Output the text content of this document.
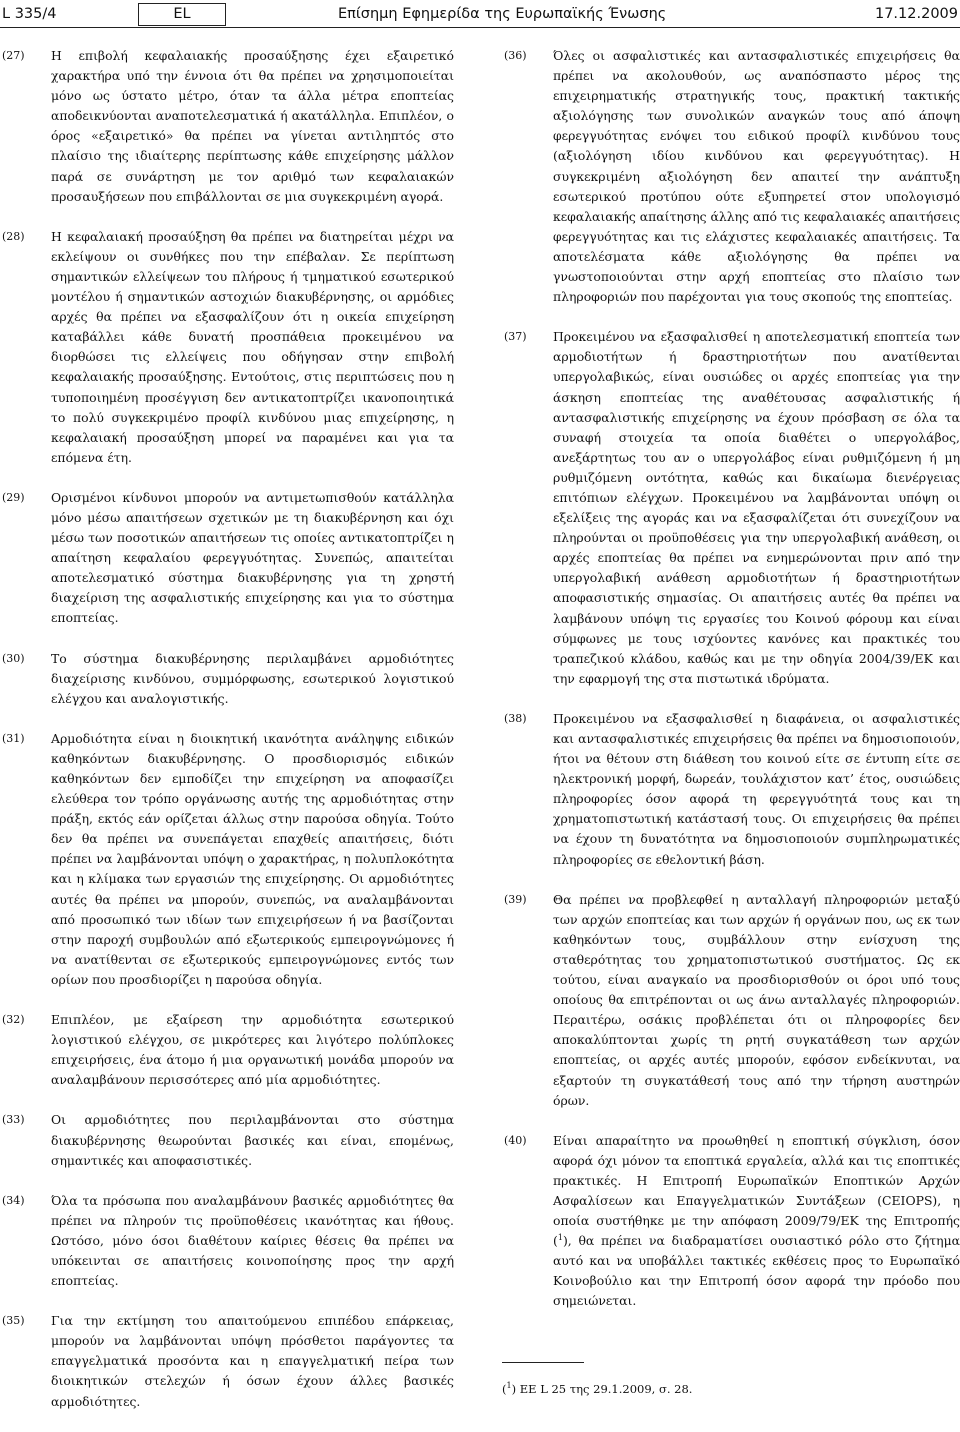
L 335/4	EL	Επίσημη Εφημερίδα της Ευρωπαϊκής Ένωσης	17.12.2009
(27) Η επιβολή κεφαλαιακής προσαύξησης έχει εξαιρετικό χαρακτήρα υπό την έννοια ότι θα πρέπει να χρησιμοποιείται μόνο ως ύστατο μέτρο, όταν τα άλλα μέτρα εποπτείας αποδεικνύονται αναποτελεσματικά ή ακατάλληλα. Επιπλέον, ο όρος «εξαιρετικό» θα πρέπει να γίνεται αντιληπτός στο πλαίσιο της ιδιαίτερης περίπτωσης κάθε επιχείρησης μάλλον παρά σε συνάρτηση με τον αριθμό των κεφαλαιακών προσαυξήσεων που επιβάλλονται σε μια συγκεκριμένη αγορά.
(28) Η κεφαλαιακή προσαύξηση θα πρέπει να διατηρείται μέχρι να εκλείψουν οι συνθήκες που την επέβαλαν. Σε περίπτωση σημαντικών ελλείψεων του πλήρους ή τμηματικού εσωτερικού μοντέλου ή σημαντικών αστοχιών διακυβέρνησης, οι αρμόδιες αρχές θα πρέπει να εξασφαλίζουν ότι η οικεία επιχείρηση καταβάλλει κάθε δυνατή προσπάθεια προκειμένου να διορθώσει τις ελλείψεις που οδήγησαν στην επιβολή κεφαλαιακής προσαύξησης. Εντούτοις, στις περιπτώσεις που η τυποποιημένη προσέγγιση δεν αντικατοπτρίζει ικανοποιητικά το πολύ συγκεκριμένο προφίλ κινδύνου μιας επιχείρησης, η κεφαλαιακή προσαύξηση μπορεί να παραμένει και για τα επόμενα έτη.
(29) Ορισμένοι κίνδυνοι μπορούν να αντιμετωπισθούν κατάλληλα μόνο μέσω απαιτήσεων σχετικών με τη διακυβέρνηση και όχι μέσω των ποσοτικών απαιτήσεων τις οποίες αντικατοπτρίζει η απαίτηση κεφαλαίου φερεγγυότητας. Συνεπώς, απαιτείται αποτελεσματικό σύστημα διακυβέρνησης για τη χρηστή διαχείριση της ασφαλιστικής επιχείρησης και για το σύστημα εποπτείας.
(30) Το σύστημα διακυβέρνησης περιλαμβάνει αρμοδιότητες διαχείρισης κινδύνου, συμμόρφωσης, εσωτερικού λογιστικού ελέγχου και αναλογιστικής.
(31) Αρμοδιότητα είναι η διοικητική ικανότητα ανάληψης ειδικών καθηκόντων διακυβέρνησης. Ο προσδιορισμός ειδικών καθηκόντων δεν εμποδίζει την επιχείρηση να αποφασίζει ελεύθερα τον τρόπο οργάνωσης αυτής της αρμοδιότητας στην πράξη, εκτός εάν ορίζεται άλλως στην παρούσα οδηγία. Τούτο δεν θα πρέπει να συνεπάγεται επαχθείς απαιτήσεις, διότι πρέπει να λαμβάνονται υπόψη ο χαρακτήρας, η πολυπλοκότητα και η κλίμακα των εργασιών της επιχείρησης. Οι αρμοδιότητες αυτές θα πρέπει να μπορούν, συνεπώς, να αναλαμβάνονται από προσωπικό των ιδίων των επιχειρήσεων ή να βασίζονται στην παροχή συμβουλών από εξωτερικούς εμπειρογνώμονες ή να ανατίθενται σε εξωτερικούς εμπειρογνώμονες εντός των ορίων που προσδιορίζει η παρούσα οδηγία.
(32) Επιπλέον, με εξαίρεση την αρμοδιότητα εσωτερικού λογιστικού ελέγχου, σε μικρότερες και λιγότερο πολύπλοκες επιχειρήσεις, ένα άτομο ή μια οργανωτική μονάδα μπορούν να αναλαμβάνουν περισσότερες από μία αρμοδιότητες.
(33) Οι αρμοδιότητες που περιλαμβάνονται στο σύστημα διακυβέρνησης θεωρούνται βασικές και είναι, επομένως, σημαντικές και αποφασιστικές.
(34) Όλα τα πρόσωπα που αναλαμβάνουν βασικές αρμοδιότητες θα πρέπει να πληρούν τις προϋποθέσεις ικανότητας και ήθους. Ωστόσο, μόνο όσοι διαθέτουν καίριες θέσεις θα πρέπει να υπόκεινται σε απαιτήσεις κοινοποίησης προς την αρχή εποπτείας.
(35) Για την εκτίμηση του απαιτούμενου επιπέδου επάρκειας, μπορούν να λαμβάνονται υπόψη πρόσθετοι παράγοντες τα επαγγελματικά προσόντα και η επαγγελματική πείρα των διοικητικών στελεχών ή όσων έχουν άλλες βασικές αρμοδιότητες.
(36) Όλες οι ασφαλιστικές και αντασφαλιστικές επιχειρήσεις θα πρέπει να ακολουθούν, ως αναπόσπαστο μέρος της επιχειρηματικής στρατηγικής τους, πρακτική τακτικής αξιολόγησης των συνολικών αναγκών τους από άποψη φερεγγυότητας ενόψει του ειδικού προφίλ κινδύνου τους (αξιολόγηση ιδίου κινδύνου και φερεγγυότητας). Η συγκεκριμένη αξιολόγηση δεν απαιτεί την ανάπτυξη εσωτερικού προτύπου ούτε εξυπηρετεί στον υπολογισμό κεφαλαιακής απαίτησης άλλης από τις κεφαλαιακές απαιτήσεις φερεγγυότητας και τις ελάχιστες κεφαλαιακές απαιτήσεις. Τα αποτελέσματα κάθε αξιολόγησης θα πρέπει να γνωστοποιούνται στην αρχή εποπτείας στο πλαίσιο των πληροφοριών που παρέχονται για τους σκοπούς της εποπτείας.
(37) Προκειμένου να εξασφαλισθεί η αποτελεσματική εποπτεία των αρμοδιοτήτων ή δραστηριοτήτων που ανατίθενται υπεργολαβικώς, είναι ουσιώδες οι αρχές εποπτείας για την άσκηση εποπτείας της αναθέτουσας ασφαλιστικής ή αντασφαλιστικής επιχείρησης να έχουν πρόσβαση σε όλα τα συναφή στοιχεία τα οποία διαθέτει ο υπεργολάβος, ανεξάρτητως του αν ο υπεργολάβος είναι ρυθμιζόμενη ή μη ρυθμιζόμενη οντότητα, καθώς και δικαίωμα διενέργειας επιτόπιων ελέγχων. Προκειμένου να λαμβάνονται υπόψη οι εξελίξεις της αγοράς και να εξασφαλίζεται ότι συνεχίζουν να πληρούνται οι προϋποθέσεις για την υπεργολαβική ανάθεση, οι αρχές εποπτείας θα πρέπει να ενημερώνονται πριν από την υπεργολαβική ανάθεση αρμοδιοτήτων ή δραστηριοτήτων αποφασιστικής σημασίας. Οι απαιτήσεις αυτές θα πρέπει να λαμβάνουν υπόψη τις εργασίες του Κοινού φόρουμ και είναι σύμφωνες με τους ισχύοντες κανόνες και πρακτικές του τραπεζικού κλάδου, καθώς και με την οδηγία 2004/39/ΕΚ και την εφαρμογή της στα πιστωτικά ιδρύματα.
(38) Προκειμένου να εξασφαλισθεί η διαφάνεια, οι ασφαλιστικές και αντασφαλιστικές επιχειρήσεις θα πρέπει να δημοσιοποιούν, ήτοι να θέτουν στη διάθεση του κοινού είτε σε έντυπη είτε σε ηλεκτρονική μορφή, δωρεάν, τουλάχιστον κατ’ έτος, ουσιώδεις πληροφορίες όσον αφορά τη φερεγγυότητά τους και τη χρηματοπιστωτική κατάστασή τους. Οι επιχειρήσεις θα πρέπει να έχουν τη δυνατότητα να δημοσιοποιούν συμπληρωματικές πληροφορίες σε εθελοντική βάση.
(39) Θα πρέπει να προβλεφθεί η ανταλλαγή πληροφοριών μεταξύ των αρχών εποπτείας και των αρχών ή οργάνων που, ως εκ των καθηκόντων τους, συμβάλλουν στην ενίσχυση της σταθερότητας του χρηματοπιστωτικού συστήματος. Ως εκ τούτου, είναι αναγκαίο να προσδιορισθούν οι όροι υπό τους οποίους θα επιτρέπονται οι ως άνω ανταλλαγές πληροφοριών. Περαιτέρω, οσάκις προβλέπεται ότι οι πληροφορίες δεν αποκαλύπτονται χωρίς τη ρητή συγκατάθεση των αρχών εποπτείας, οι αρχές αυτές μπορούν, εφόσον ενδείκνυται, να εξαρτούν τη συγκατάθεσή τους από την τήρηση αυστηρών όρων.
(40) Είναι απαραίτητο να προωθηθεί η εποπτική σύγκλιση, όσον αφορά όχι μόνον τα εποπτικά εργαλεία, αλλά και τις εποπτικές πρακτικές. Η Επιτροπή Ευρωπαϊκών Εποπτικών Αρχών Ασφαλίσεων και Επαγγελματικών Συντάξεων (CEIOPS), η οποία συστήθηκε με την απόφαση 2009/79/ΕΚ της Επιτροπής ($^1$), θα πρέπει να διαδραματίσει ουσιαστικό ρόλο στο ζήτημα αυτό και να υποβάλλει τακτικές εκθέσεις προς το Ευρωπαϊκό Κοινοβούλιο και την Επιτροπή όσον αφορά την πρόοδο που σημειώνεται.
($^1$) EE L 25 της 29.1.2009, σ. 28.
